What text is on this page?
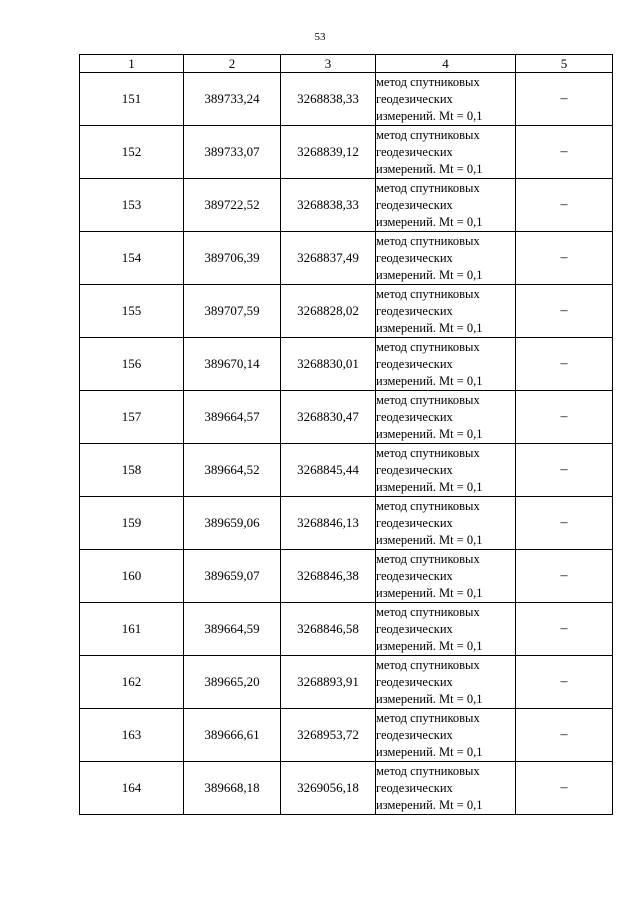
53
1	2	3	4	5
151	389733,24	3268838,33	метод спутниковых
геодезических
измерений. Mt = 0,1	–
152	389733,07	3268839,12	метод спутниковых
геодезических
измерений. Mt = 0,1	–
153	389722,52	3268838,33	метод спутниковых
геодезических
измерений. Mt = 0,1	–
154	389706,39	3268837,49	метод спутниковых
геодезических
измерений. Mt = 0,1	–
155	389707,59	3268828,02	метод спутниковых
геодезических
измерений. Mt = 0,1	–
156	389670,14	3268830,01	метод спутниковых
геодезических
измерений. Mt = 0,1	–
157	389664,57	3268830,47	метод спутниковых
геодезических
измерений. Mt = 0,1	–
158	389664,52	3268845,44	метод спутниковых
геодезических
измерений. Mt = 0,1	–
159	389659,06	3268846,13	метод спутниковых
геодезических
измерений. Mt = 0,1	–
160	389659,07	3268846,38	метод спутниковых
геодезических
измерений. Mt = 0,1	–
161	389664,59	3268846,58	метод спутниковых
геодезических
измерений. Mt = 0,1	–
162	389665,20	3268893,91	метод спутниковых
геодезических
измерений. Mt = 0,1	–
163	389666,61	3268953,72	метод спутниковых
геодезических
измерений. Mt = 0,1	–
164	389668,18	3269056,18	метод спутниковых
геодезических
измерений. Mt = 0,1	–
